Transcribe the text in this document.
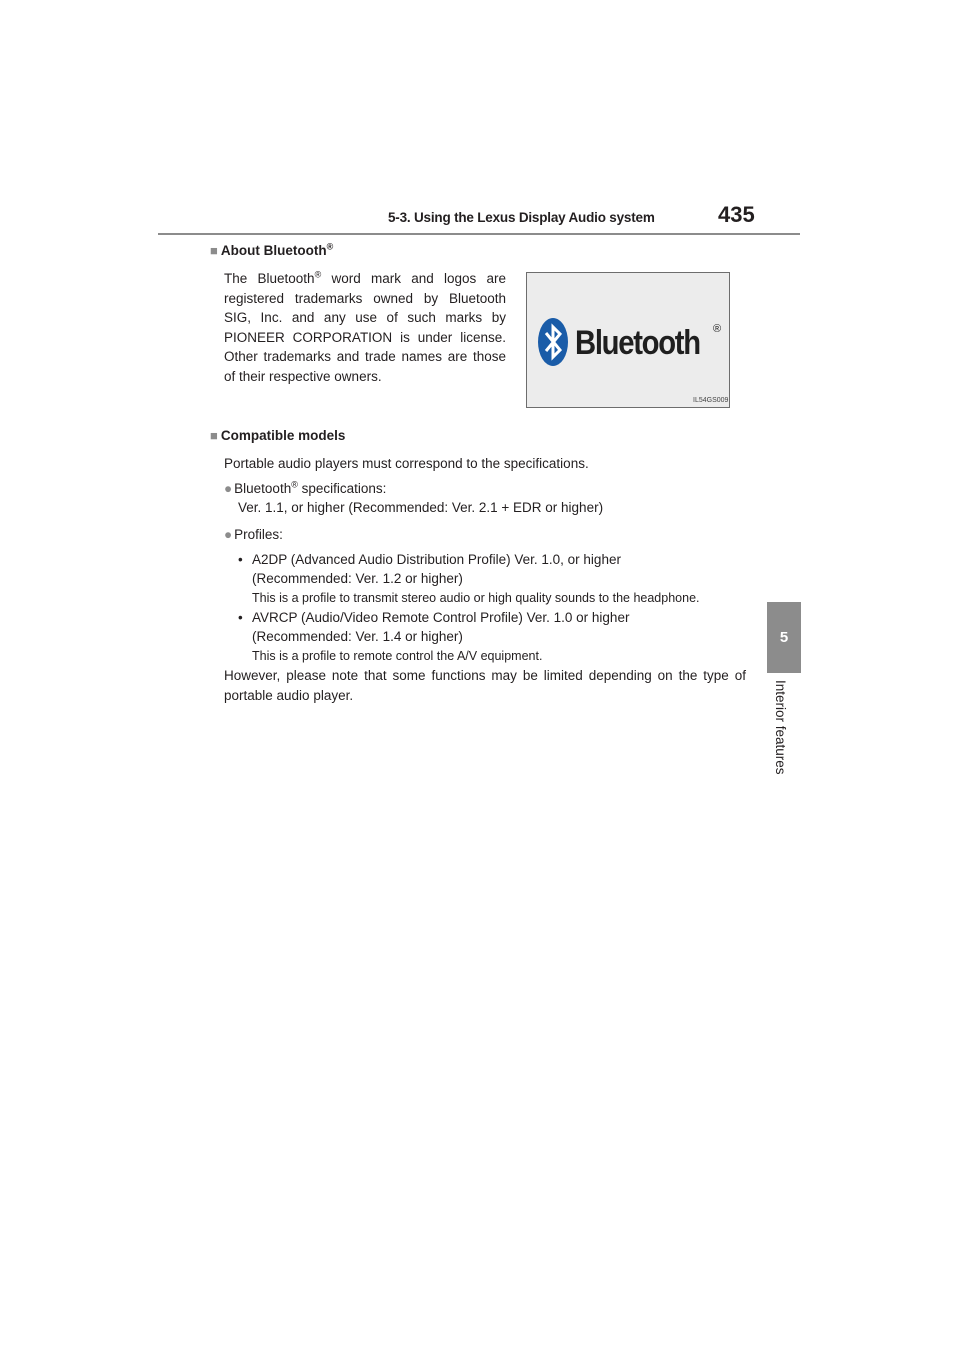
5-3. Using the Lexus Display Audio system	435
5
Interior features
■ About Bluetooth®
The Bluetooth® word mark and logos are registered trademarks owned by Bluetooth SIG, Inc. and any use of such marks by PIONEER CORPORATION is under license. Other trademarks and trade names are those of their respective owners.
Bluetooth ®
IL54GS009
■ Compatible models
Portable audio players must correspond to the specifications.
● Bluetooth® specifications:
Ver. 1.1, or higher (Recommended: Ver. 2.1 + EDR or higher)
● Profiles:
• A2DP (Advanced Audio Distribution Profile) Ver. 1.0, or higher
(Recommended: Ver. 1.2 or higher)
This is a profile to transmit stereo audio or high quality sounds to the headphone.
• AVRCP (Audio/Video Remote Control Profile) Ver. 1.0 or higher
(Recommended: Ver. 1.4 or higher)
This is a profile to remote control the A/V equipment.
However, please note that some functions may be limited depending on the type of portable audio player.
